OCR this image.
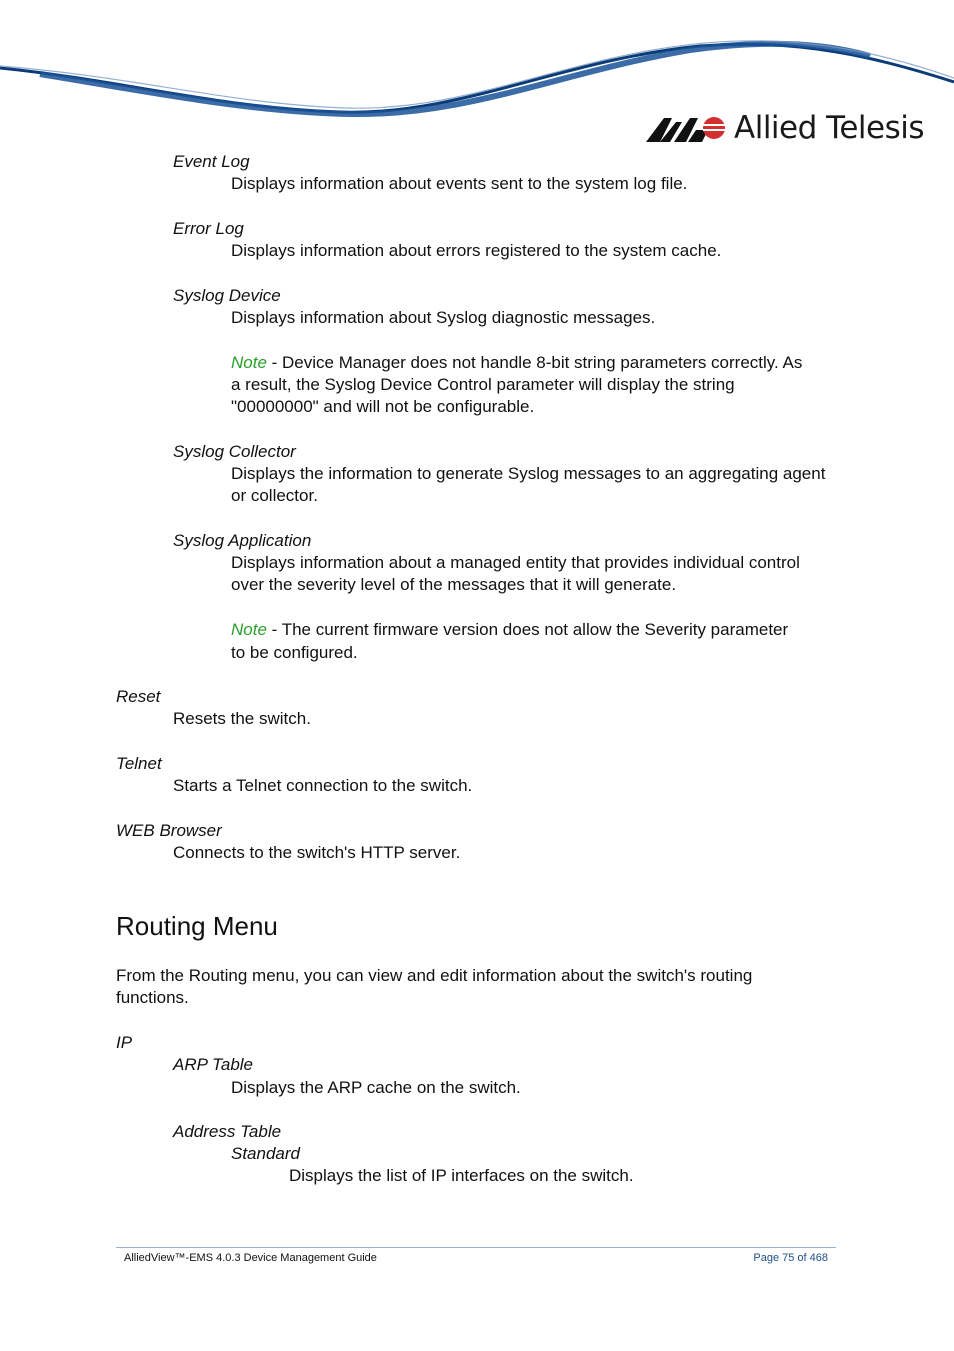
Allied Telesis
Event Log
Displays information about events sent to the system log file.
Error Log
Displays information about errors registered to the system cache.
Syslog Device
Displays information about Syslog diagnostic messages.
Note - Device Manager does not handle 8-bit string parameters correctly. As
a result, the Syslog Device Control parameter will display the string
"00000000" and will not be configurable.
Syslog Collector
Displays the information to generate Syslog messages to an aggregating agent
or collector.
Syslog Application
Displays information about a managed entity that provides individual control
over the severity level of the messages that it will generate.
Note - The current firmware version does not allow the Severity parameter
to be configured.
Reset
Resets the switch.
Telnet
Starts a Telnet connection to the switch.
WEB Browser
Connects to the switch's HTTP server.
Routing Menu
From the Routing menu, you can view and edit information about the switch's routing
functions.
IP
ARP Table
Displays the ARP cache on the switch.
Address Table
Standard
Displays the list of IP interfaces on the switch.
AlliedView™-EMS 4.0.3 Device Management Guide	Page 75 of 468
